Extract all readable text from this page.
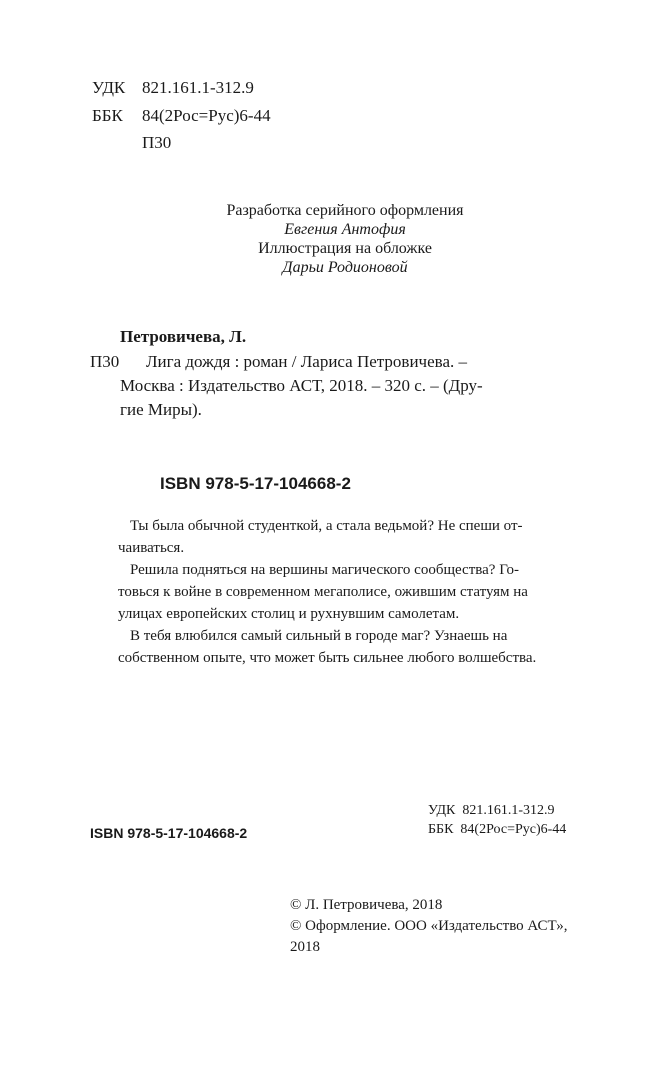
УДК 821.161.1-312.9
ББК 84(2Рос=Рус)6-44
П30
Разработка серийного оформления
Евгения Антофия
Иллюстрация на обложке
Дарьи Родионовой
Петровичева, Л.
П30 Лига дождя : роман / Лариса Петровичева. –
Москва : Издательство АСТ, 2018. – 320 с. – (Дру-
гие Миры).
ISBN 978-5-17-104668-2
Ты была обычной студенткой, а стала ведьмой? Не спеши от-
чаиваться.
Решила подняться на вершины магического сообщества? Го-
товься к войне в современном мегаполисе, ожившим статуям на
улицах европейских столиц и рухнувшим самолетам.
В тебя влюбился самый сильный в городе маг? Узнаешь на
собственном опыте, что может быть сильнее любого волшебства.
ISBN 978-5-17-104668-2
УДК  821.161.1-312.9
ББК  84(2Рос=Рус)6-44
© Л. Петровичева, 2018
© Оформление. ООО «Издательство АСТ»,
2018
